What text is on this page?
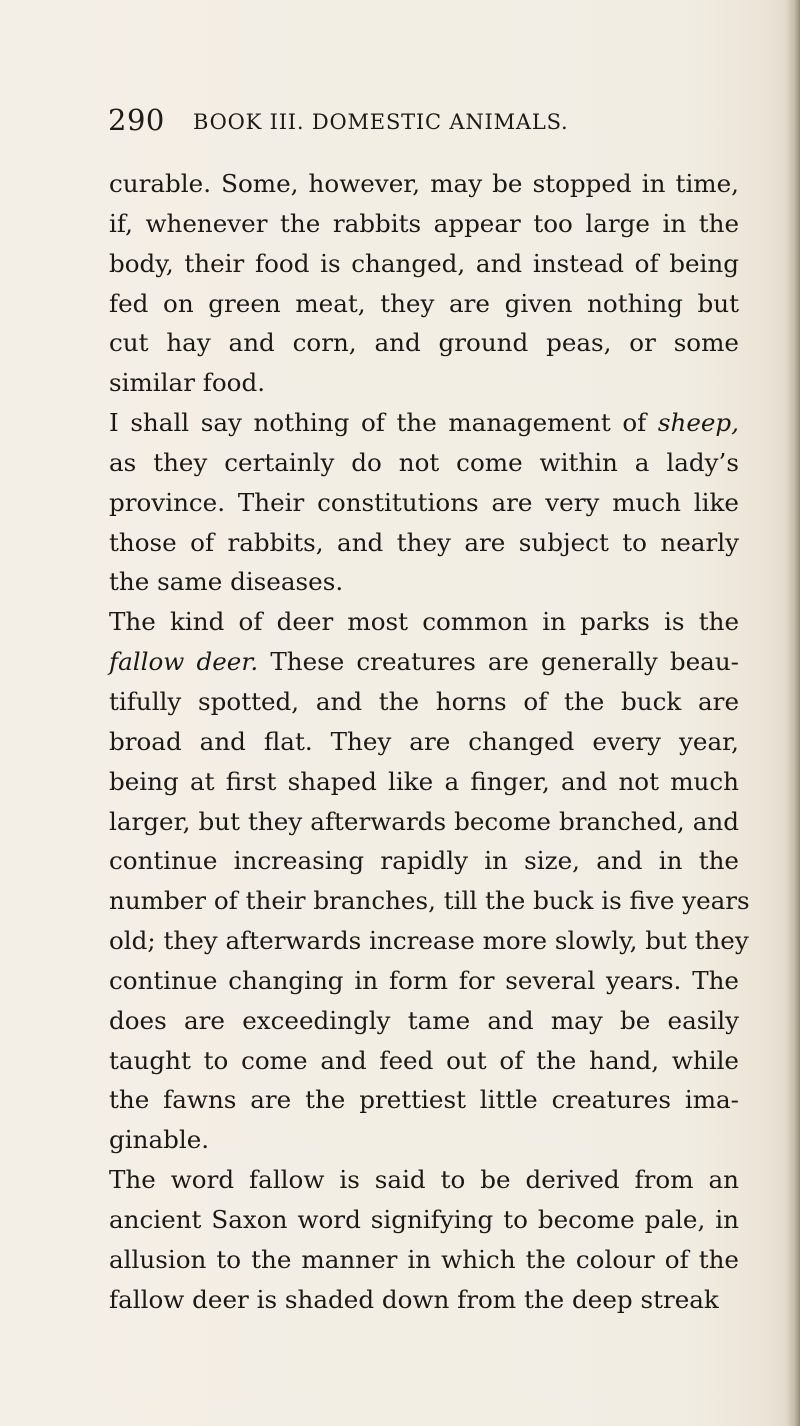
290 BOOK III. DOMESTIC ANIMALS.
curable. Some, however, may be stopped in time,
if, whenever the rabbits appear too large in the
body, their food is changed, and instead of being
fed on green meat, they are given nothing but
cut hay and corn, and ground peas, or some
similar food.
I shall say nothing of the management of sheep,
as they certainly do not come within a lady’s
province. Their constitutions are very much like
those of rabbits, and they are subject to nearly
the same diseases.
The kind of deer most common in parks is the
fallow deer. These creatures are generally beau-
tifully spotted, and the horns of the buck are
broad and flat. They are changed every year,
being at first shaped like a finger, and not much
larger, but they afterwards become branched, and
continue increasing rapidly in size, and in the
number of their branches, till the buck is five years
old; they afterwards increase more slowly, but they
continue changing in form for several years. The
does are exceedingly tame and may be easily
taught to come and feed out of the hand, while
the fawns are the prettiest little creatures ima-
ginable.
The word fallow is said to be derived from an
ancient Saxon word signifying to become pale, in
allusion to the manner in which the colour of the
fallow deer is shaded down from the deep streak
